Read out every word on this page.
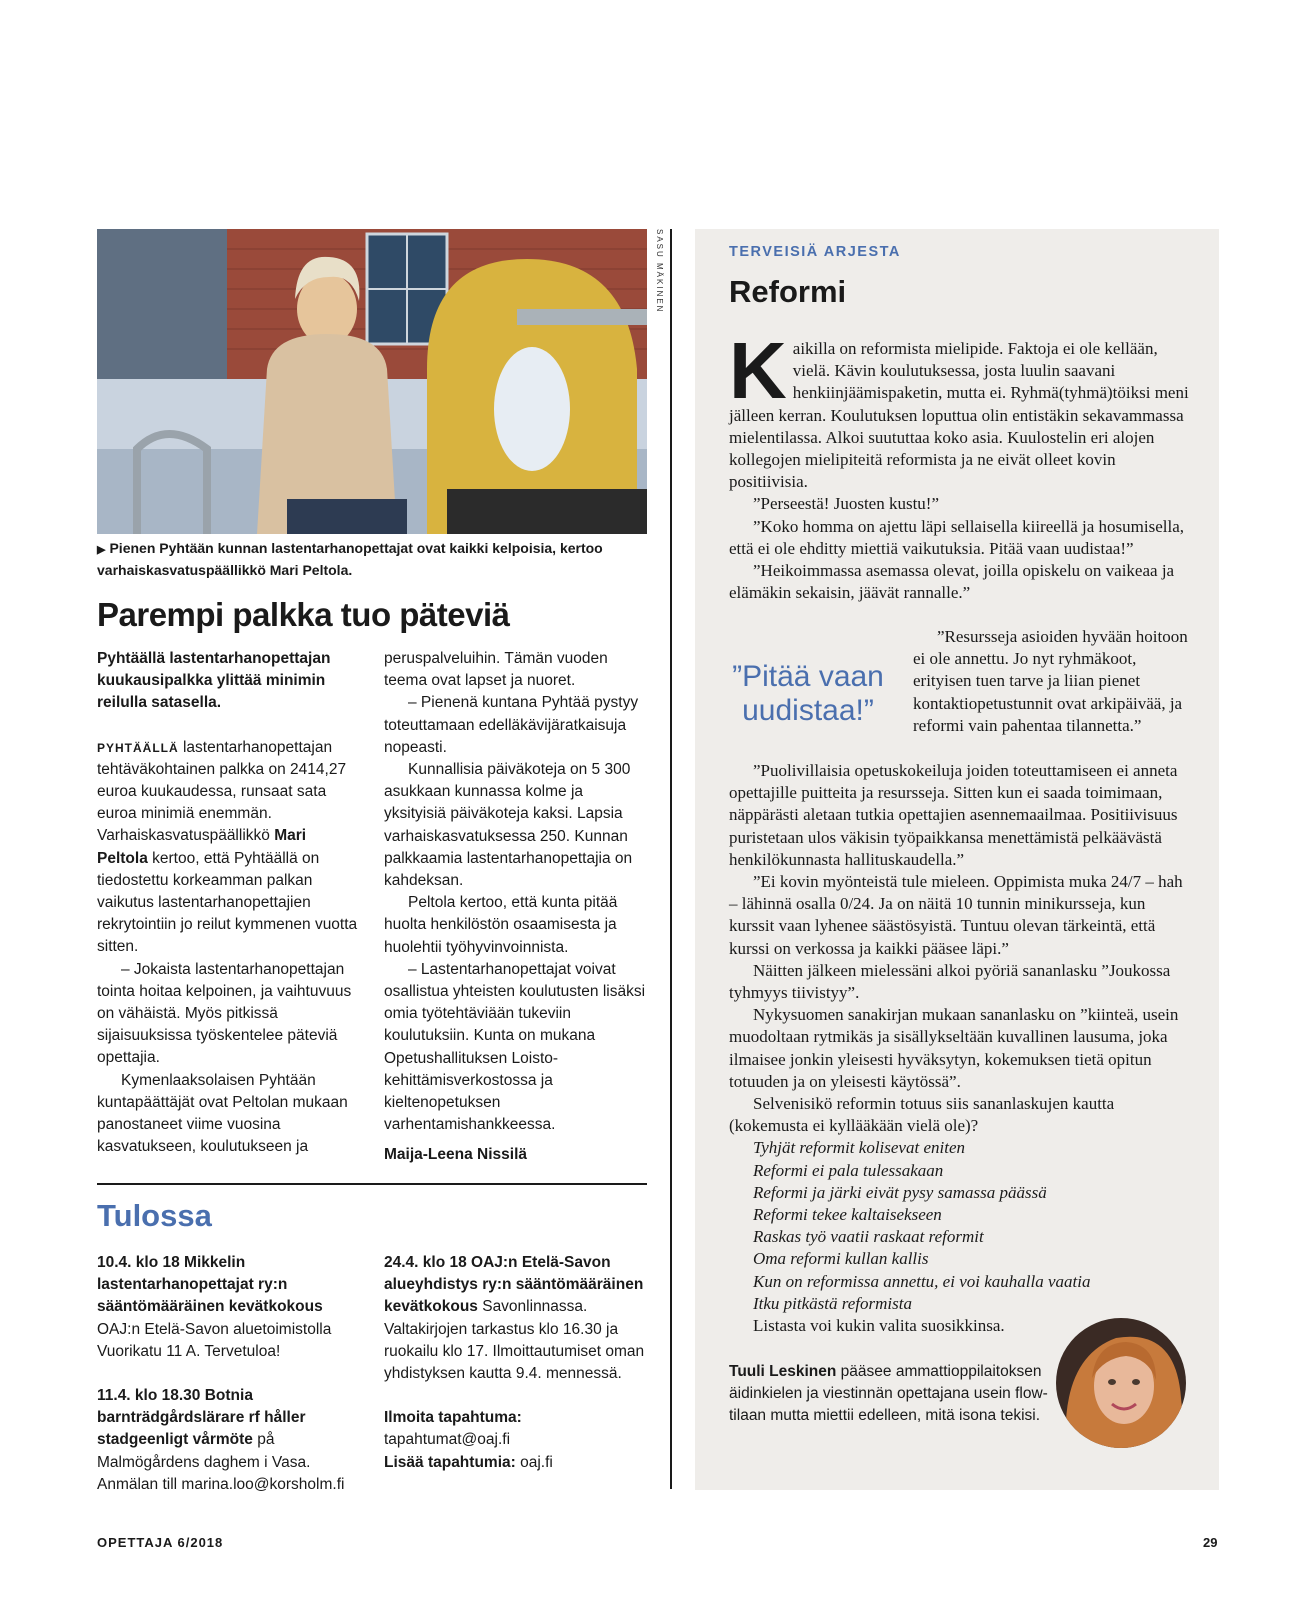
SASU MÄKINEN
▶ Pienen Pyhtään kunnan lastentarhanopettajat ovat kaikki kelpoisia, kertoo varhaiskasvatuspäällikkö Mari Peltola.
Parempi palkka tuo päteviä

Pyhtäällä lastentarhanopettajan kuukausipalkka ylittää minimin reilulla satasella.

PYHTÄÄLLÄ lastentarhanopettajan tehtäväkohtainen palkka on 2414,27 euroa kuukaudessa, runsaat sata euroa minimiä enemmän. Varhaiskasvatuspäällikkö Mari Peltola kertoo, että Pyhtäällä on tiedostettu korkeamman palkan vaikutus lastentarhanopettajien rekrytointiin jo reilut kymmenen vuotta sitten.

– Jokaista lastentarhanopettajan tointa hoitaa kelpoinen, ja vaihtuvuus on vähäistä. Myös pitkissä sijaisuuksissa työskentelee päteviä opettajia.

Kymenlaaksolaisen Pyhtään kuntapäättäjät ovat Peltolan mukaan panostaneet viime vuosina kasvatukseen, koulutukseen ja

peruspalveluihin. Tämän vuoden teema ovat lapset ja nuoret.

– Pienenä kuntana Pyhtää pystyy toteuttamaan edelläkävijäratkaisuja nopeasti.

Kunnallisia päiväkoteja on 5 300 asukkaan kunnassa kolme ja yksityisiä päiväkoteja kaksi. Lapsia varhaiskasvatuksessa 250. Kunnan palkkaamia lastentarhanopettajia on kahdeksan.

Peltola kertoo, että kunta pitää huolta henkilöstön osaamisesta ja huolehtii työhyvinvoinnista.

– Lastentarhanopettajat voivat osallistua yhteisten koulutusten lisäksi omia työtehtäviään tukeviin koulutuksiin. Kunta on mukana Opetushallituksen Loisto-kehittämisverkostossa ja kieltenopetuksen varhentamishankkeessa.

Maija-Leena Nissilä

Tulossa

10.4. klo 18 Mikkelin lastentarhanopettajat ry:n sääntömääräinen kevätkokous OAJ:n Etelä-Savon aluetoimistolla Vuorikatu 11 A. Tervetuloa!

11.4. klo 18.30 Botnia barnträdgårdslärare rf håller stadgeenligt vårmöte på Malmögårdens daghem i Vasa. Anmälan till marina.loo@korsholm.fi

24.4. klo 18 OAJ:n Etelä-Savon alueyhdistys ry:n sääntömääräinen kevätkokous Savonlinnassa. Valtakirjojen tarkastus klo 16.30 ja ruokailu klo 17. Ilmoittautumiset oman yhdistyksen kautta 9.4. mennessä.

Ilmoita tapahtuma:

tapahtumat@oaj.fi

Lisää tapahtumia: oaj.fi

TERVEISIÄ ARJESTA
Reformi

Kaikilla on reformista mielipide. Faktoja ei ole kellään, vielä. Kävin koulutuksessa, josta luulin saavani henkiinjäämispaketin, mutta ei. Ryhmä(tyhmä)töiksi meni jälleen kerran. Koulutuksen loputtua olin entistäkin sekavammassa mielentilassa. Alkoi suututtaa koko asia. Kuulostelin eri alojen kollegojen mielipiteitä reformista ja ne eivät olleet kovin positiivisia.

”Perseestä! Juosten kustu!”

”Koko homma on ajettu läpi sellaisella kiireellä ja hosumisella, että ei ole ehditty miettiä vaikutuksia. Pitää vaan uudistaa!”

”Heikoimmassa asemassa olevat, joilla opiskelu on vaikeaa ja elämäkin sekaisin, jäävät rannalle.”

”Pitää vaan uudistaa!”

”Resursseja asioiden hyvään hoitoon ei ole annettu. Jo nyt ryhmäkoot, erityisen tuen tarve ja liian pienet kontaktiopetustunnit ovat arkipäivää, ja reformi vain pahentaa tilannetta.”

”Puolivillaisia opetuskokeiluja joiden toteuttamiseen ei anneta opettajille puitteita ja resursseja. Sitten kun ei saada toimimaan, näppärästi aletaan tutkia opettajien asennemaailmaa. Positiivisuus puristetaan ulos väkisin työpaikkansa menettämistä pelkäävästä henkilökunnasta hallituskaudella.”

”Ei kovin myönteistä tule mieleen. Oppimista muka 24/7 – hah – lähinnä osalla 0/24. Ja on näitä 10 tunnin minikursseja, kun kurssit vaan lyhenee säästösyistä. Tuntuu olevan tärkeintä, että kurssi on verkossa ja kaikki pääsee läpi.”

Näitten jälkeen mielessäni alkoi pyöriä sananlasku ”Joukossa tyhmyys tiivistyy”.

Nykysuomen sanakirjan mukaan sananlasku on ”kiinteä, usein muodoltaan rytmikäs ja sisällykseltään kuvallinen lausuma, joka ilmaisee jonkin yleisesti hyväksytyn, kokemuksen tietä opitun totuuden ja on yleisesti käytössä”.

Selvenisikö reformin totuus siis sananlaskujen kautta (kokemusta ei kyllääkään vielä ole)?

Tyhjät reformit kolisevat eniten

Reformi ei pala tulessakaan

Reformi ja järki eivät pysy samassa päässä

Reformi tekee kaltaisekseen

Raskas työ vaatii raskaat reformit

Oma reformi kullan kallis

Kun on reformissa annettu, ei voi kauhalla vaatia

Itku pitkästä reformista

Listasta voi kukin valita suosikkinsa.

Tuuli Leskinen pääsee ammattioppilaitoksen äidinkielen ja viestinnän opettajana usein flow-tilaan mutta miettii edelleen, mitä isona tekisi.
OPETTAJA 6/2018	29
